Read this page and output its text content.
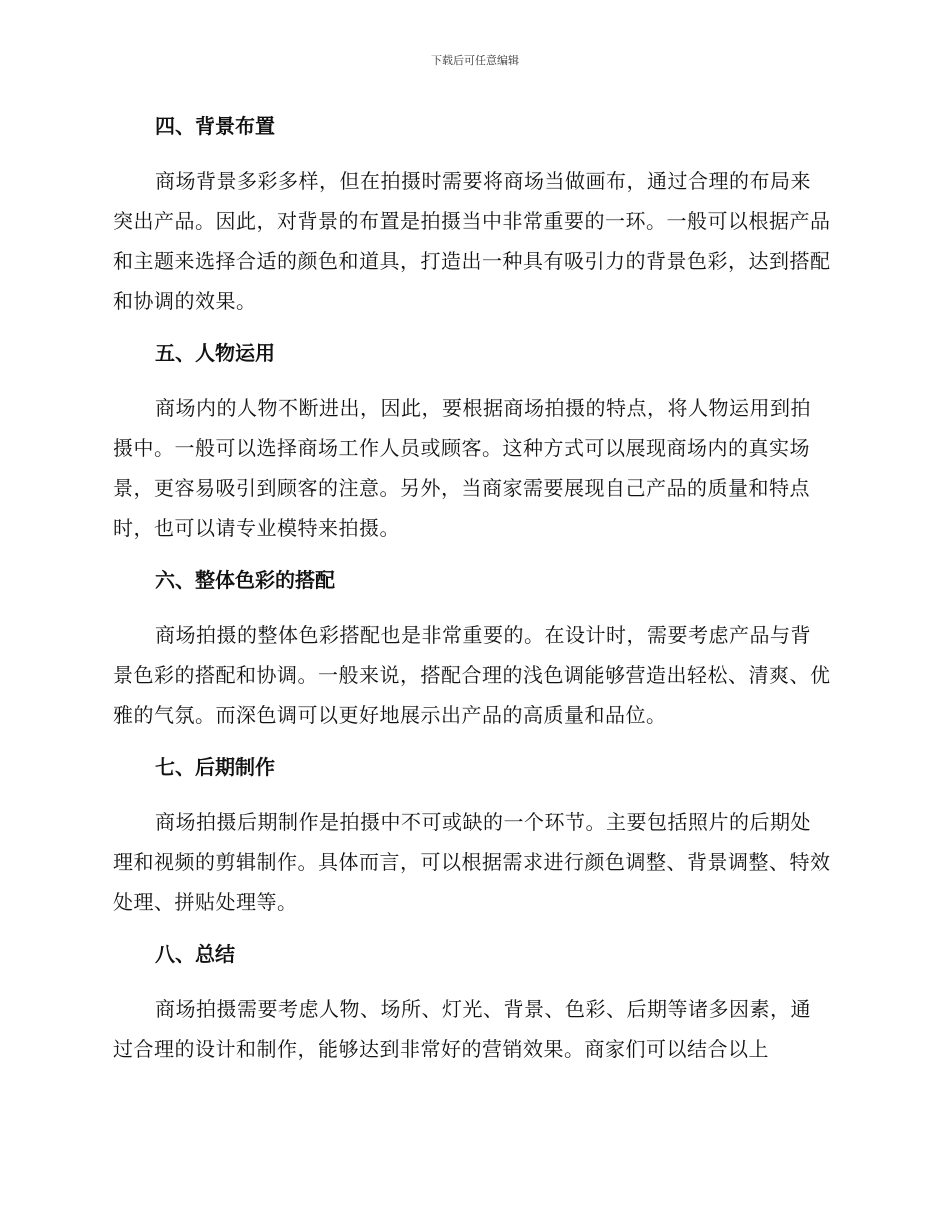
下载后可任意编辑
四、背景布置

商场背景多彩多样，但在拍摄时需要将商场当做画布，通过合理的布局来突出产品。因此，对背景的布置是拍摄当中非常重要的一环。一般可以根据产品和主题来选择合适的颜色和道具，打造出一种具有吸引力的背景色彩，达到搭配和协调的效果。

五、人物运用

商场内的人物不断进出，因此，要根据商场拍摄的特点，将人物运用到拍摄中。一般可以选择商场工作人员或顾客。这种方式可以展现商场内的真实场景，更容易吸引到顾客的注意。另外，当商家需要展现自己产品的质量和特点时，也可以请专业模特来拍摄。

六、整体色彩的搭配

商场拍摄的整体色彩搭配也是非常重要的。在设计时，需要考虑产品与背景色彩的搭配和协调。一般来说，搭配合理的浅色调能够营造出轻松、清爽、优雅的气氛。而深色调可以更好地展示出产品的高质量和品位。

七、后期制作

商场拍摄后期制作是拍摄中不可或缺的一个环节。主要包括照片的后期处理和视频的剪辑制作。具体而言，可以根据需求进行颜色调整、背景调整、特效处理、拼贴处理等。

八、总结

商场拍摄需要考虑人物、场所、灯光、背景、色彩、后期等诸多因素，通过合理的设计和制作，能够达到非常好的营销效果。商家们可以结合以上
